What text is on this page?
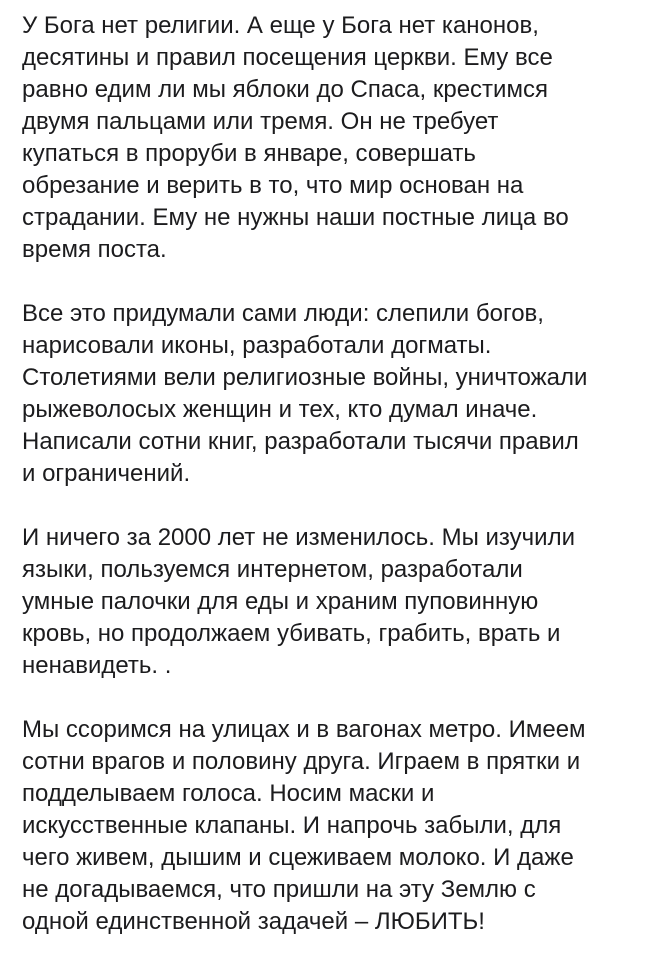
У Бога нет религии. А еще у Бога нет канонов,
десятины и правил посещения церкви. Ему все
равно едим ли мы яблоки до Спаса, крестимся
двумя пальцами или тремя. Он не требует
купаться в проруби в январе, совершать
обрезание и верить в то, что мир основан на
страдании. Ему не нужны наши постные лица во
время поста.

Все это придумали сами люди: слепили богов,
нарисовали иконы, разработали догматы.
Столетиями вели религиозные войны, уничтожали
рыжеволосых женщин и тех, кто думал иначе.
Написали сотни книг, разработали тысячи правил
и ограничений.

И ничего за 2000 лет не изменилось. Мы изучили
языки, пользуемся интернетом, разработали
умные палочки для еды и храним пуповинную
кровь, но продолжаем убивать, грабить, врать и
ненавидеть. .

Мы ссоримся на улицах и в вагонах метро. Имеем
сотни врагов и половину друга. Играем в прятки и
подделываем голоса. Носим маски и
искусственные клапаны. И напрочь забыли, для
чего живем, дышим и сцеживаем молоко. И даже
не догадываемся, что пришли на эту Землю с
одной единственной задачей – ЛЮБИТЬ!
